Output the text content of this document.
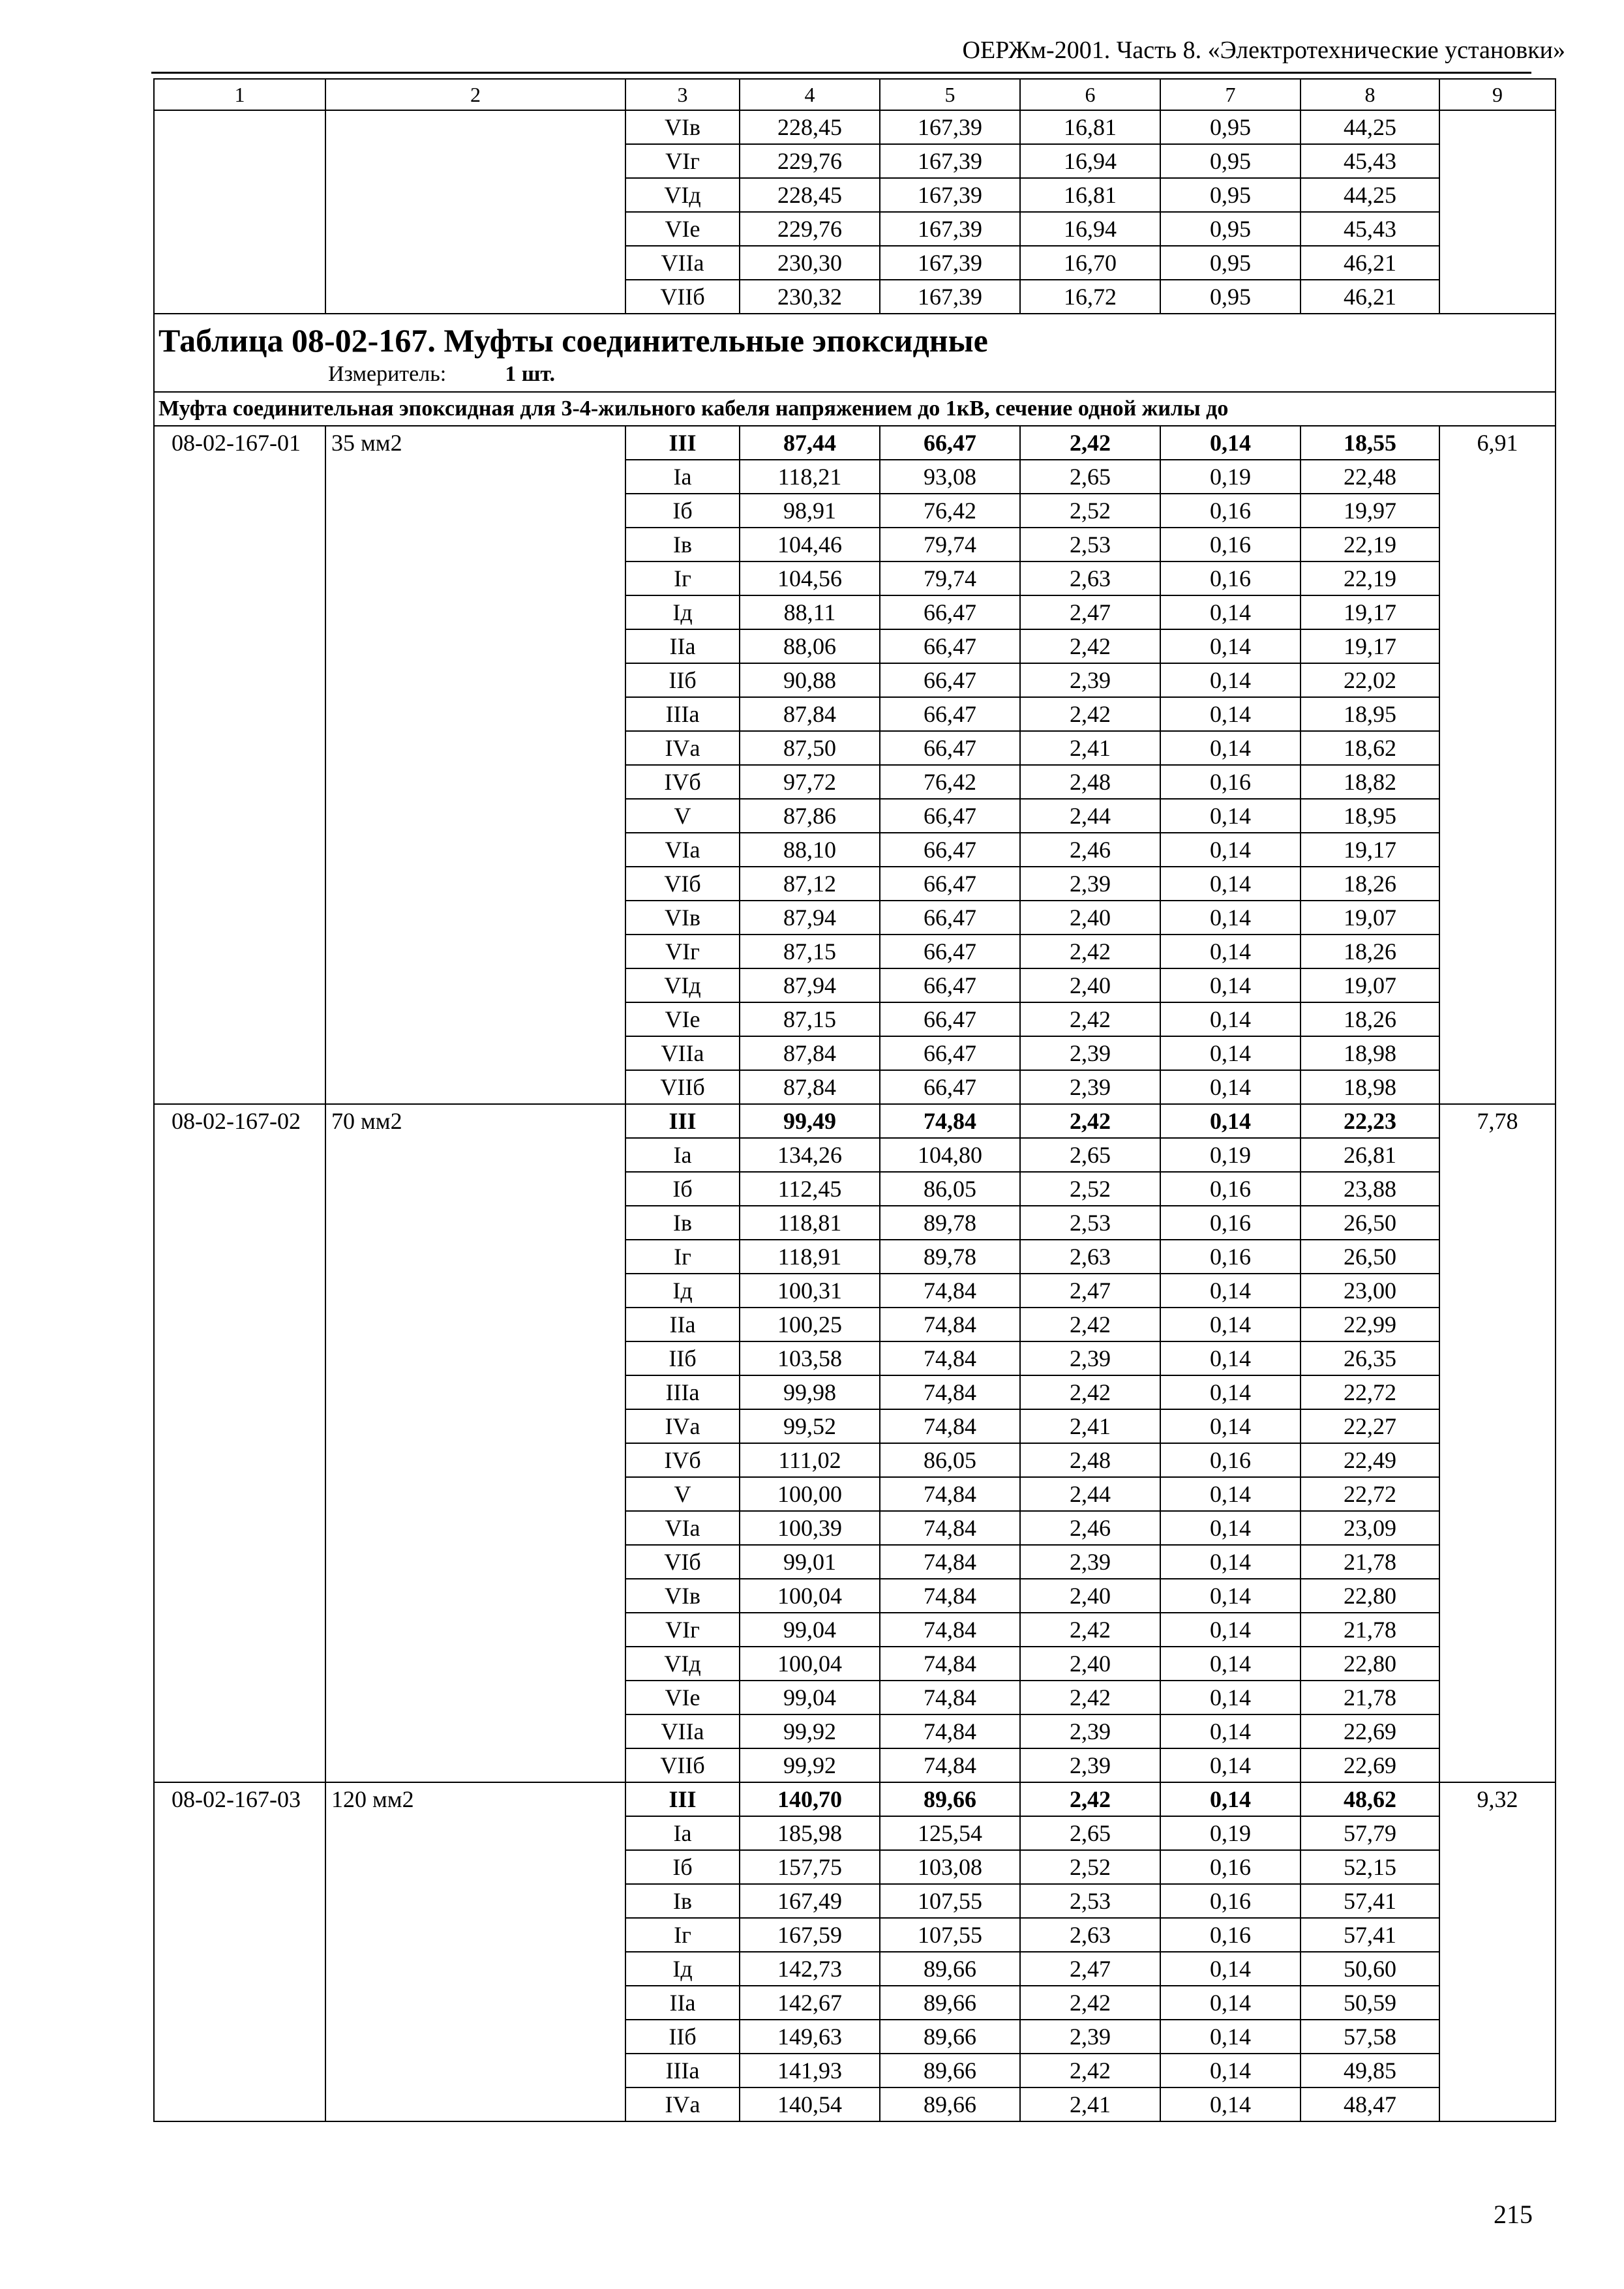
ОЕРЖм-2001. Часть 8. «Электротехнические установки»
1	2	3	4	5	6	7	8	9
		VIв	228,45	167,39	16,81	0,95	44,25	
		VIг	229,76	167,39	16,94	0,95	45,43	
		VIд	228,45	167,39	16,81	0,95	44,25	
		VIе	229,76	167,39	16,94	0,95	45,43	
		VIIа	230,30	167,39	16,70	0,95	46,21	
		VIIб	230,32	167,39	16,72	0,95	46,21	

Таблица 08-02-167. Муфты соединительные эпоксидные
Измеритель: 1 шт.								

Муфта соединительная эпоксидная для 3-4-жильного кабеля напряжением до 1кВ, сечение одной жилы до								
08-02-167-01	35 мм2	III	87,44	66,47	2,42	0,14	18,55	6,91
		Iа	118,21	93,08	2,65	0,19	22,48	
		Iб	98,91	76,42	2,52	0,16	19,97	
		Iв	104,46	79,74	2,53	0,16	22,19	
		Iг	104,56	79,74	2,63	0,16	22,19	
		Iд	88,11	66,47	2,47	0,14	19,17	
		IIа	88,06	66,47	2,42	0,14	19,17	
		IIб	90,88	66,47	2,39	0,14	22,02	
		IIIа	87,84	66,47	2,42	0,14	18,95	
		IVа	87,50	66,47	2,41	0,14	18,62	
		IVб	97,72	76,42	2,48	0,16	18,82	
		V	87,86	66,47	2,44	0,14	18,95	
		VIа	88,10	66,47	2,46	0,14	19,17	
		VIб	87,12	66,47	2,39	0,14	18,26	
		VIв	87,94	66,47	2,40	0,14	19,07	
		VIг	87,15	66,47	2,42	0,14	18,26	
		VIд	87,94	66,47	2,40	0,14	19,07	
		VIе	87,15	66,47	2,42	0,14	18,26	
		VIIа	87,84	66,47	2,39	0,14	18,98	
		VIIб	87,84	66,47	2,39	0,14	18,98	
08-02-167-02	70 мм2	III	99,49	74,84	2,42	0,14	22,23	7,78
		Iа	134,26	104,80	2,65	0,19	26,81	
		Iб	112,45	86,05	2,52	0,16	23,88	
		Iв	118,81	89,78	2,53	0,16	26,50	
		Iг	118,91	89,78	2,63	0,16	26,50	
		Iд	100,31	74,84	2,47	0,14	23,00	
		IIа	100,25	74,84	2,42	0,14	22,99	
		IIб	103,58	74,84	2,39	0,14	26,35	
		IIIа	99,98	74,84	2,42	0,14	22,72	
		IVа	99,52	74,84	2,41	0,14	22,27	
		IVб	111,02	86,05	2,48	0,16	22,49	
		V	100,00	74,84	2,44	0,14	22,72	
		VIа	100,39	74,84	2,46	0,14	23,09	
		VIб	99,01	74,84	2,39	0,14	21,78	
		VIв	100,04	74,84	2,40	0,14	22,80	
		VIг	99,04	74,84	2,42	0,14	21,78	
		VIд	100,04	74,84	2,40	0,14	22,80	
		VIе	99,04	74,84	2,42	0,14	21,78	
		VIIа	99,92	74,84	2,39	0,14	22,69	
		VIIб	99,92	74,84	2,39	0,14	22,69	
08-02-167-03	120 мм2	III	140,70	89,66	2,42	0,14	48,62	9,32
		Iа	185,98	125,54	2,65	0,19	57,79	
		Iб	157,75	103,08	2,52	0,16	52,15	
		Iв	167,49	107,55	2,53	0,16	57,41	
		Iг	167,59	107,55	2,63	0,16	57,41	
		Iд	142,73	89,66	2,47	0,14	50,60	
		IIа	142,67	89,66	2,42	0,14	50,59	
		IIб	149,63	89,66	2,39	0,14	57,58	
		IIIа	141,93	89,66	2,42	0,14	49,85	
		IVа	140,54	89,66	2,41	0,14	48,47	
215
